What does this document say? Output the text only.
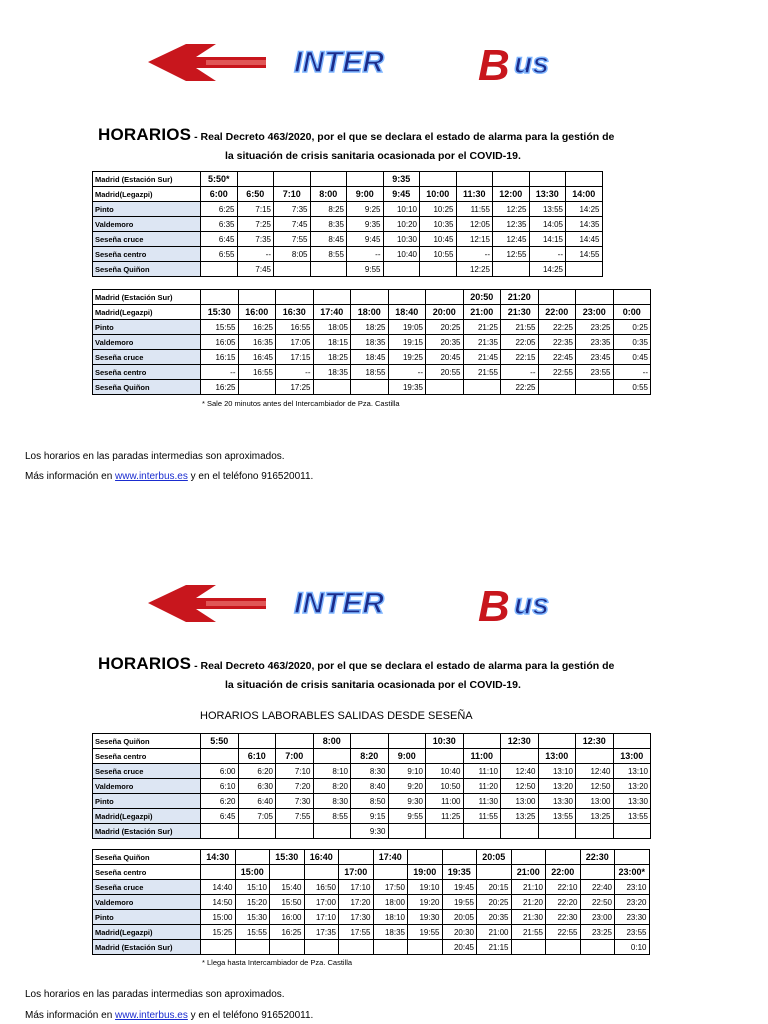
INTER B us
HORARIOS - Real Decreto 463/2020, por el que se declara el estado de alarma para la gestión de
la situación de crisis sanitaria ocasionada por el COVID-19.
Madrid (Estación Sur)	5:50*					9:35					
Madrid(Legazpi)	6:00	6:50	7:10	8:00	9:00	9:45	10:00	11:30	12:00	13:30	14:00
Pinto	6:25	7:15	7:35	8:25	9:25	10:10	10:25	11:55	12:25	13:55	14:25
Valdemoro	6:35	7:25	7:45	8:35	9:35	10:20	10:35	12:05	12:35	14:05	14:35
Seseña cruce	6:45	7:35	7:55	8:45	9:45	10:30	10:45	12:15	12:45	14:15	14:45
Seseña centro	6:55	--	8:05	8:55	--	10:40	10:55	--	12:55	--	14:55
Seseña Quiñon		7:45			9:55			12:25		14:25	
Madrid (Estación Sur)								20:50	21:20			
Madrid(Legazpi)	15:30	16:00	16:30	17:40	18:00	18:40	20:00	21:00	21:30	22:00	23:00	0:00
Pinto	15:55	16:25	16:55	18:05	18:25	19:05	20:25	21:25	21:55	22:25	23:25	0:25
Valdemoro	16:05	16:35	17:05	18:15	18:35	19:15	20:35	21:35	22:05	22:35	23:35	0:35
Seseña cruce	16:15	16:45	17:15	18:25	18:45	19:25	20:45	21:45	22:15	22:45	23:45	0:45
Seseña centro	--	16:55	--	18:35	18:55	--	20:55	21:55	--	22:55	23:55	--
Seseña Quiñon	16:25		17:25			19:35			22:25			0:55
* Sale 20 minutos antes del Intercambiador de Pza. Castilla
Los horarios en las paradas intermedias son aproximados.
Más información en www.interbus.es y en el teléfono 916520011.
INTER B us
HORARIOS - Real Decreto 463/2020, por el que se declara el estado de alarma para la gestión de
la situación de crisis sanitaria ocasionada por el COVID-19.
HORARIOS LABORABLES SALIDAS DESDE SESEÑA
Seseña Quiñon	5:50			8:00			10:30		12:30		12:30	
Seseña centro		6:10	7:00		8:20	9:00		11:00		13:00		13:00
Seseña cruce	6:00	6:20	7:10	8:10	8:30	9:10	10:40	11:10	12:40	13:10	12:40	13:10
Valdemoro	6:10	6:30	7:20	8:20	8:40	9:20	10:50	11:20	12:50	13:20	12:50	13:20
Pinto	6:20	6:40	7:30	8:30	8:50	9:30	11:00	11:30	13:00	13:30	13:00	13:30
Madrid(Legazpi)	6:45	7:05	7:55	8:55	9:15	9:55	11:25	11:55	13:25	13:55	13:25	13:55
Madrid (Estación Sur)					9:30							
Seseña Quiñon	14:30		15:30	16:40		17:40			20:05			22:30	
Seseña centro		15:00			17:00		19:00	19:35		21:00	22:00		23:00*
Seseña cruce	14:40	15:10	15:40	16:50	17:10	17:50	19:10	19:45	20:15	21:10	22:10	22:40	23:10
Valdemoro	14:50	15:20	15:50	17:00	17:20	18:00	19:20	19:55	20:25	21:20	22:20	22:50	23:20
Pinto	15:00	15:30	16:00	17:10	17:30	18:10	19:30	20:05	20:35	21:30	22:30	23:00	23:30
Madrid(Legazpi)	15:25	15:55	16:25	17:35	17:55	18:35	19:55	20:30	21:00	21:55	22:55	23:25	23:55
Madrid (Estación Sur)								20:45	21:15				0:10
* Llega hasta Intercambiador de Pza. Castilla
Los horarios en las paradas intermedias son aproximados.
Más información en www.interbus.es y en el teléfono 916520011.
